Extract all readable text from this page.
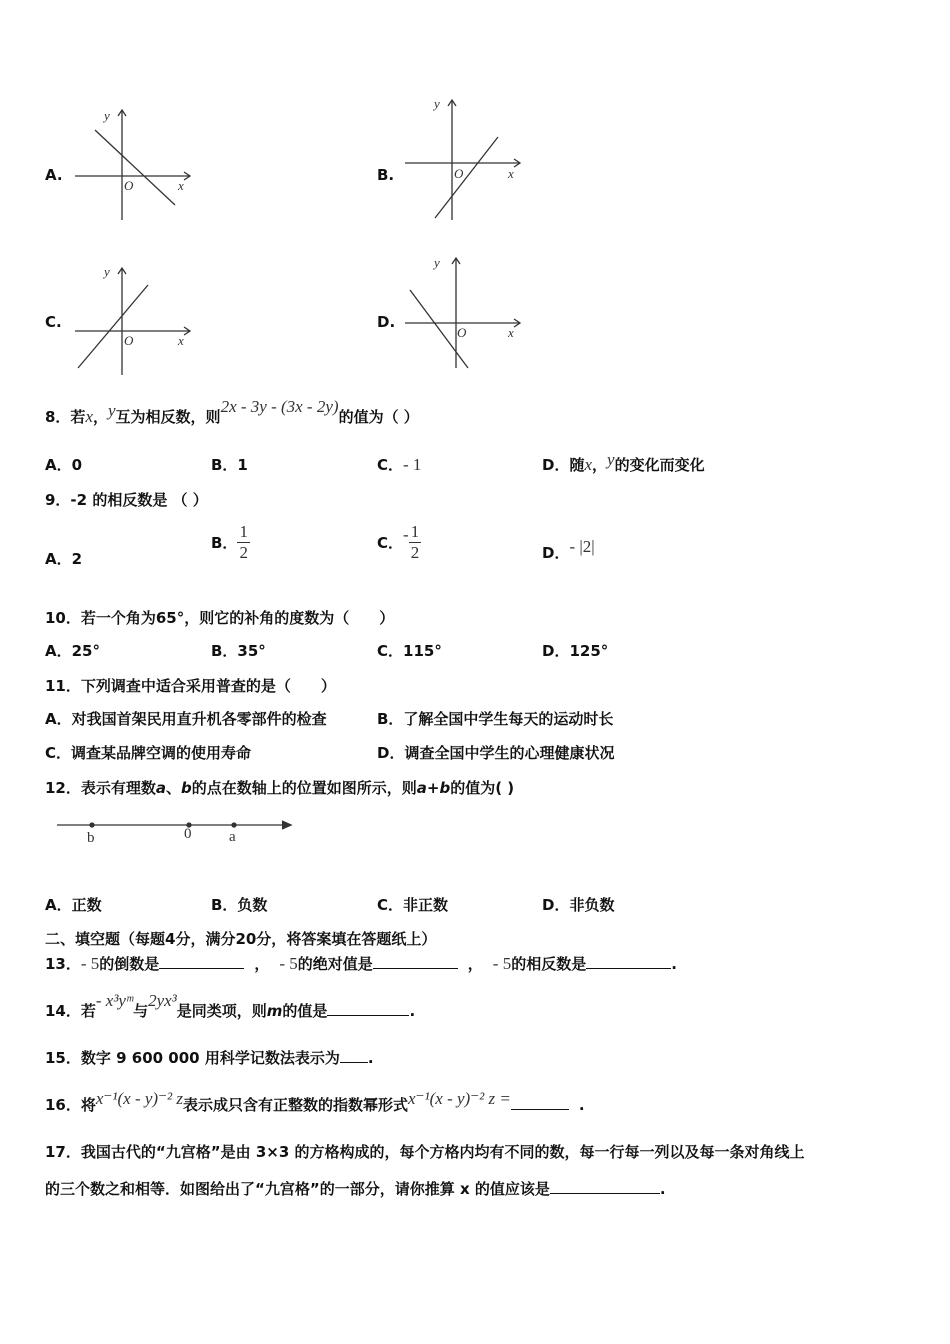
A.
y
x
O
B.
y
x
O
C.
y
x
O
D.
y
x
O
8．若x，y互为相反数，则2x - 3y - (3x - 2y)的值为（ ）
A．0	B．1	C．- 1	D．随x，y的变化而变化
9．-2 的相反数是 （ ）
A．2
B． $\frac{1}{2}$	C．- $\frac{1}{2}$	D．- |2|
10．若一个角为65°，则它的补角的度数为（　　）
A．25°	B．35°	C．115°	D．125°
11．下列调查中适合采用普查的是（　　）
A．对我国首架民用直升机各零部件的检查	B．了解全国中学生每天的运动时长
C．调查某品牌空调的使用寿命	D．调查全国中学生的心理健康状况
12．表示有理数a、b的点在数轴上的位置如图所示，则a+b的值为( )
b	0	a
A．正数	B．负数	C．非正数	D．非负数
二、填空题（每题4分，满分20分，将答案填在答题纸上）
13．- 5的倒数是	， - 5的绝对值是	， - 5的相反数是	.
14．若- x³yᵐ与2yx³是同类项，则m的值是	.
15．数字 9 600 000 用科学记数法表示为 .
16．将x⁻¹(x - y)⁻² z表示成只含有正整数的指数幂形式x⁻¹(x - y)⁻² z =	.
17．我国古代的“九宫格”是由 3×3 的方格构成的，每个方格内均有不同的数，每一行每一列以及每一条对角线上
的三个数之和相等．如图给出了“九宫格”的一部分，请你推算 x 的值应该是	.
